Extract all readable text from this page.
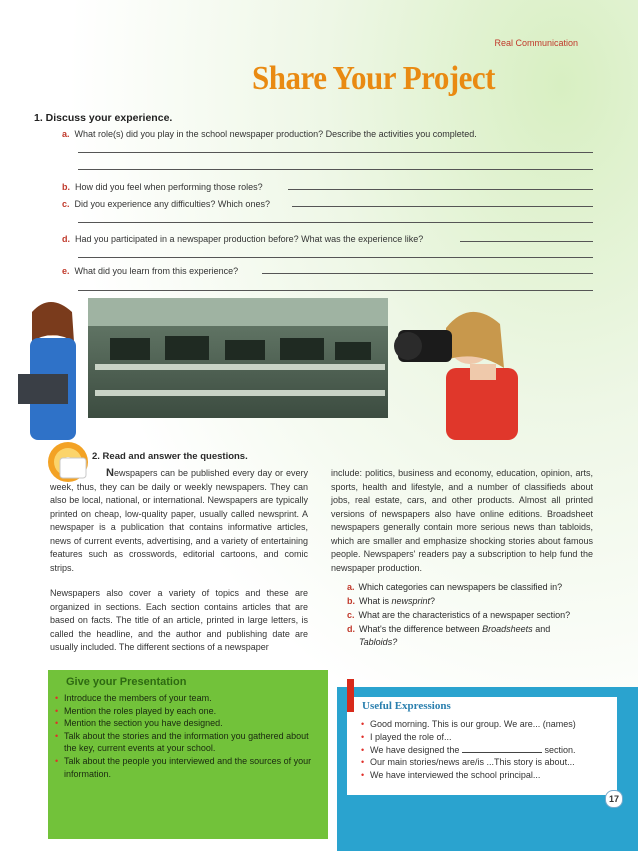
Real Communication
Share Your Project
1. Discuss your experience.
a. What role(s) did you play in the school newspaper production? Describe the activities you completed.
b. How did you feel when performing those roles?
c. Did you experience any difficulties? Which ones?
d. Had you participated in a newspaper production before? What was the experience like?
e. What did you learn from this experience?
2. Read and answer the questions.
Newspapers can be published every day or every week, thus, they can be daily or weekly newspapers. They can also be local, national, or international. Newspapers are typically printed on cheap, low-quality paper, usually called newsprint. A newspaper is a publication that contains informative articles, news of current events, advertising, and a variety of entertaining features such as crosswords, editorial cartoons, and comic strips.
Newspapers also cover a variety of topics and these are organized in sections. Each section contains articles that are based on facts. The title of an article, printed in large letters, is called the headline, and the author and publishing date are usually included. The different sections of a newspaper
include: politics, business and economy, education, opinion, arts, sports, health and lifestyle, and a number of classifieds about jobs, real estate, cars, and other products. Almost all printed versions of newspapers also have online editions. Broadsheet newspapers generally contain more serious news than tabloids, which are smaller and emphasize shocking stories about famous people. Newspapers' readers pay a subscription to help fund the newspaper production.
a. Which categories can newspapers be classified in?
b. What is newsprint?
c. What are the characteristics of a newspaper section?
d. What's the difference between Broadsheets and
Tabloids?
Give your Presentation
• Introduce the members of your team.
• Mention the roles played by each one.
• Mention the section you have designed.
• Talk about the stories and the information you gathered about the key, current events at your school.
• Talk about the people you interviewed and the sources of your information.
Useful Expressions
• Good morning. This is our group. We are... (names)
• I played the role of...
• We have designed the	section.
• Our main stories/news are/is ...This story is about...
• We have interviewed the school principal...
17
